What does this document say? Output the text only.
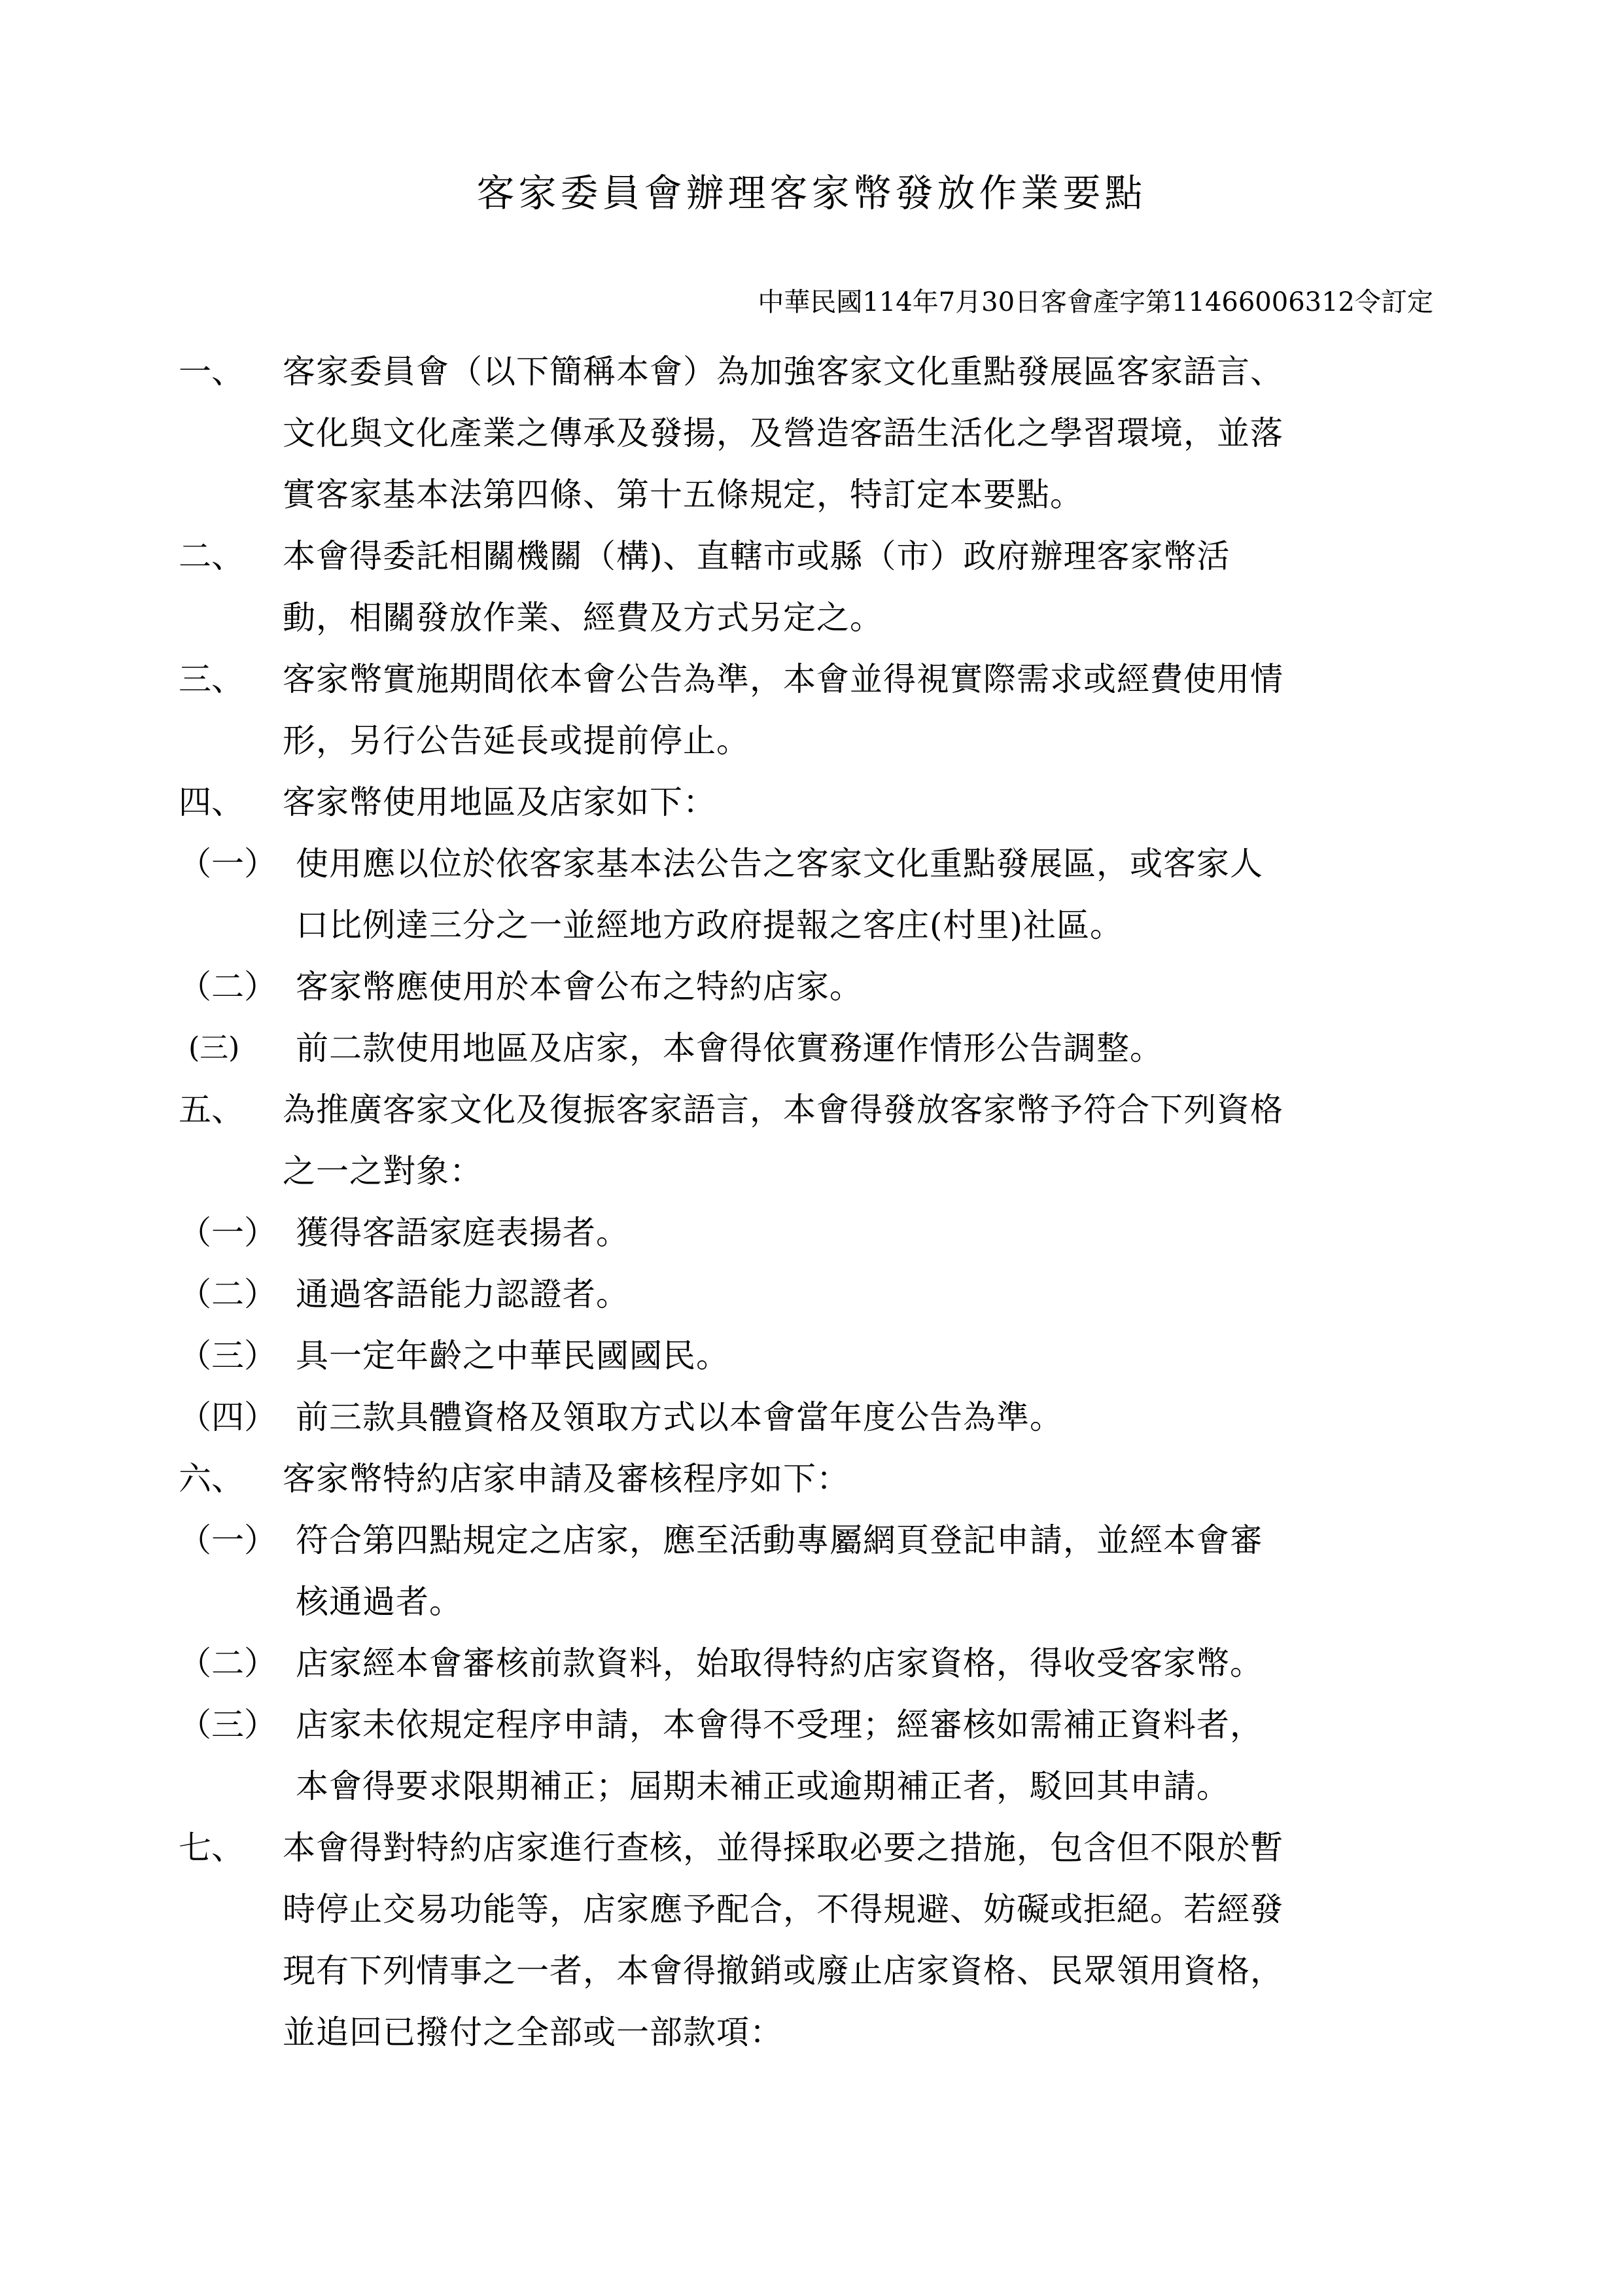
客家委員會辦理客家幣發放作業要點
中華民國114年7月30日客會產字第11466006312令訂定
一、 客家委員會（以下簡稱本會）為加強客家文化重點發展區客家語言、
文化與文化產業之傳承及發揚，及營造客語生活化之學習環境，並落
實客家基本法第四條、第十五條規定，特訂定本要點。
二、 本會得委託相關機關（構)、直轄市或縣（市）政府辦理客家幣活
動，相關發放作業、經費及方式另定之。
三、 客家幣實施期間依本會公告為準，本會並得視實際需求或經費使用情
形，另行公告延長或提前停止。
四、 客家幣使用地區及店家如下：
（一） 使用應以位於依客家基本法公告之客家文化重點發展區，或客家人
口比例達三分之一並經地方政府提報之客庄(村里)社區。
（二） 客家幣應使用於本會公布之特約店家。
(三) 前二款使用地區及店家，本會得依實務運作情形公告調整。
五、 為推廣客家文化及復振客家語言，本會得發放客家幣予符合下列資格
之一之對象：
（一） 獲得客語家庭表揚者。
（二） 通過客語能力認證者。
（三） 具一定年齡之中華民國國民。
（四） 前三款具體資格及領取方式以本會當年度公告為準。
六、 客家幣特約店家申請及審核程序如下：
（一） 符合第四點規定之店家，應至活動專屬網頁登記申請，並經本會審
核通過者。
（二） 店家經本會審核前款資料，始取得特約店家資格，得收受客家幣。
（三） 店家未依規定程序申請，本會得不受理；經審核如需補正資料者，
本會得要求限期補正；屆期未補正或逾期補正者，駁回其申請。
七、 本會得對特約店家進行查核，並得採取必要之措施，包含但不限於暫
時停止交易功能等，店家應予配合，不得規避、妨礙或拒絕。若經發
現有下列情事之一者，本會得撤銷或廢止店家資格、民眾領用資格，
並追回已撥付之全部或一部款項：
